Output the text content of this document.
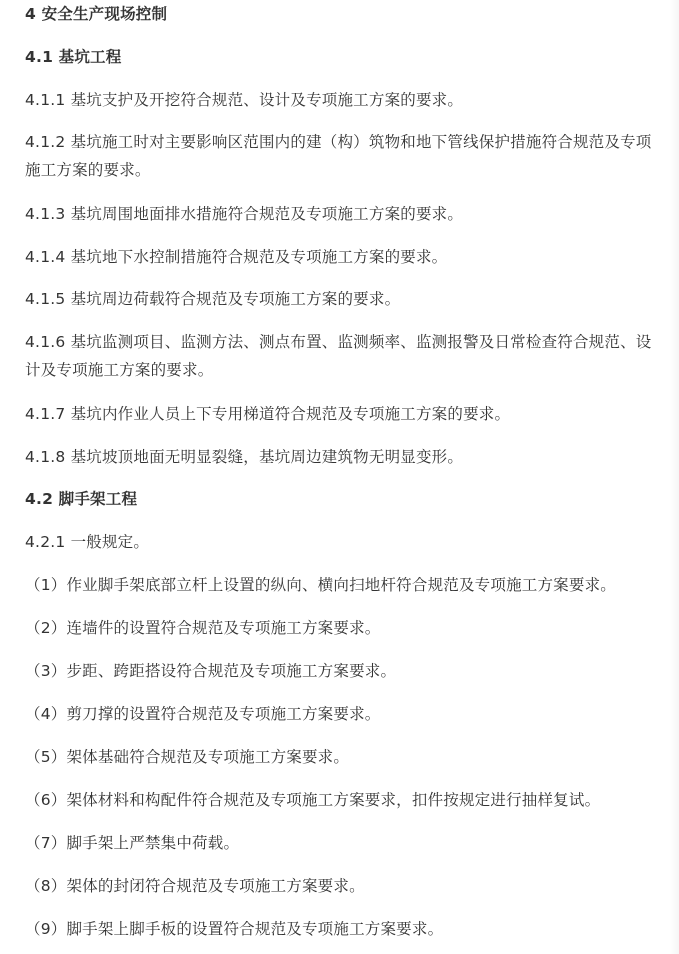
4 安全生产现场控制
4.1 基坑工程
4.1.1 基坑支护及开挖符合规范、设计及专项施工方案的要求。
4.1.2 基坑施工时对主要影响区范围内的建（构）筑物和地下管线保护措施符合规范及专项施工方案的要求。
4.1.3 基坑周围地面排水措施符合规范及专项施工方案的要求。
4.1.4 基坑地下水控制措施符合规范及专项施工方案的要求。
4.1.5 基坑周边荷载符合规范及专项施工方案的要求。
4.1.6 基坑监测项目、监测方法、测点布置、监测频率、监测报警及日常检查符合规范、设计及专项施工方案的要求。
4.1.7 基坑内作业人员上下专用梯道符合规范及专项施工方案的要求。
4.1.8 基坑坡顶地面无明显裂缝，基坑周边建筑物无明显变形。
4.2 脚手架工程
4.2.1 一般规定。
（1）作业脚手架底部立杆上设置的纵向、横向扫地杆符合规范及专项施工方案要求。
（2）连墙件的设置符合规范及专项施工方案要求。
（3）步距、跨距搭设符合规范及专项施工方案要求。
（4）剪刀撑的设置符合规范及专项施工方案要求。
（5）架体基础符合规范及专项施工方案要求。
（6）架体材料和构配件符合规范及专项施工方案要求，扣件按规定进行抽样复试。
（7）脚手架上严禁集中荷载。
（8）架体的封闭符合规范及专项施工方案要求。
（9）脚手架上脚手板的设置符合规范及专项施工方案要求。
